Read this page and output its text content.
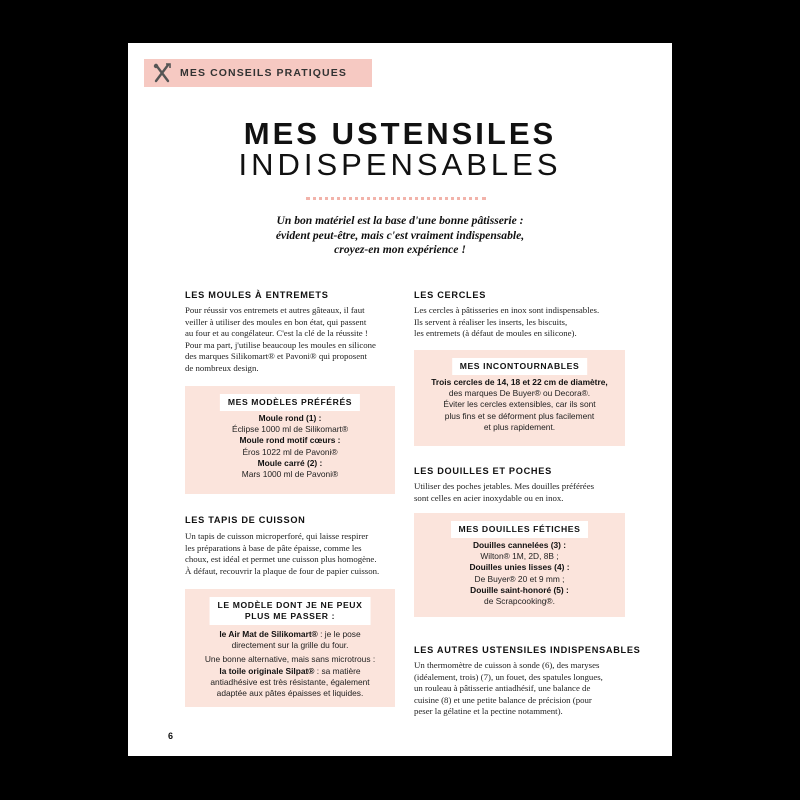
MES CONSEILS PRATIQUES
MES USTENSILES
INDISPENSABLES
Un bon matériel est la base d'une bonne pâtisserie :
évident peut-être, mais c'est vraiment indispensable,
croyez-en mon expérience !
LES MOULES À ENTREMETS
Pour réussir vos entremets et autres gâteaux, il faut
veiller à utiliser des moules en bon état, qui passent
au four et au congélateur. C'est la clé de la réussite !
Pour ma part, j'utilise beaucoup les moules en silicone
des marques Silikomart® et Pavoni® qui proposent
de nombreux design.
MES MODÈLES PRÉFÉRÉS
Moule rond (1) :
Éclipse 1000 ml de Silikomart®
Moule rond motif cœurs :
Éros 1022 ml de Pavoni®
Moule carré (2) :
Mars 1000 ml de Pavoni®
LES TAPIS DE CUISSON
Un tapis de cuisson microperforé, qui laisse respirer
les préparations à base de pâte épaisse, comme les
choux, est idéal et permet une cuisson plus homogène.
À défaut, recouvrir la plaque de four de papier cuisson.
LE MODÈLE DONT JE NE PEUX
PLUS ME PASSER :
le Air Mat de Silikomart® : je le pose
directement sur la grille du four.
Une bonne alternative, mais sans microtrous :
la toile originale Silpat® : sa matière
antiadhésive est très résistante, également
adaptée aux pâtes épaisses et liquides.
LES CERCLES
Les cercles à pâtisseries en inox sont indispensables.
Ils servent à réaliser les inserts, les biscuits,
les entremets (à défaut de moules en silicone).
MES INCONTOURNABLES
Trois cercles de 14, 18 et 22 cm de diamètre,
des marques De Buyer® ou Decora®.
Éviter les cercles extensibles, car ils sont
plus fins et se déforment plus facilement
et plus rapidement.
LES DOUILLES ET POCHES
Utiliser des poches jetables. Mes douilles préférées
sont celles en acier inoxydable ou en inox.
MES DOUILLES FÉTICHES
Douilles cannelées (3) :
Wilton® 1M, 2D, 8B ;
Douilles unies lisses (4) :
De Buyer® 20 et 9 mm ;
Douille saint-honoré (5) :
de Scrapcooking®.
LES AUTRES USTENSILES INDISPENSABLES
Un thermomètre de cuisson à sonde (6), des maryses
(idéalement, trois) (7), un fouet, des spatules longues,
un rouleau à pâtisserie antiadhésif, une balance de
cuisine (8) et une petite balance de précision (pour
peser la gélatine et la pectine notamment).
6
